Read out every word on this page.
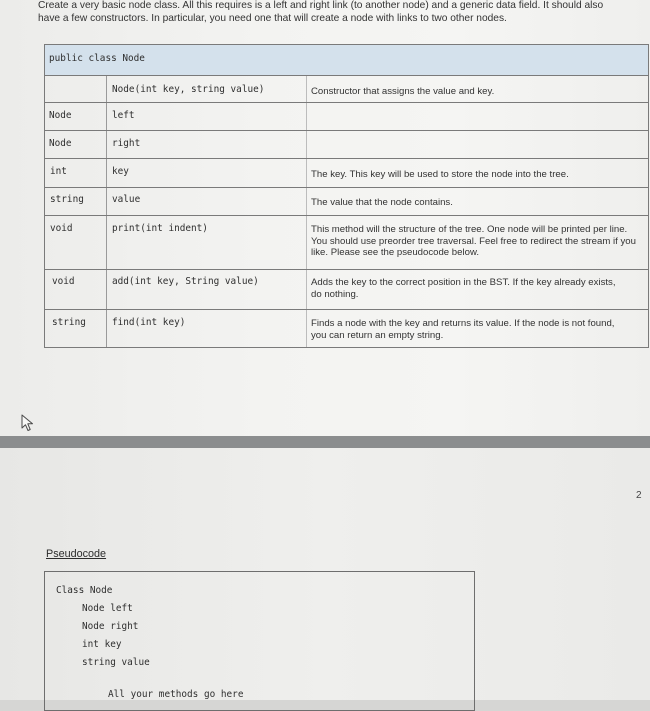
Create a very basic node class. All this requires is a left and right link (to another node) and a generic data field. It should also
have a few constructors. In particular, you need one that will create a node with links to two other nodes.
public class Node		

	Node(int key, string value)	Constructor that assigns the value and key.

Node	left	

Node	right	

int	key	The key. This key will be used to store the node into the tree.

string	value	The value that the node contains.

void	print(int indent)	This method will the structure of the tree. One node will be printed per line. You should use preorder tree traversal. Feel free to redirect the stream if you like. Please see the pseudocode below.

void	add(int key, String value)	Adds the key to the correct position in the BST. If the key already exists, do nothing.

string	find(int key)	Finds a node with the key and returns its value. If the node is not found, you can return an empty string.
2
Pseudocode
Class Node
Node left
Node right
int key
string value
All your methods go here
